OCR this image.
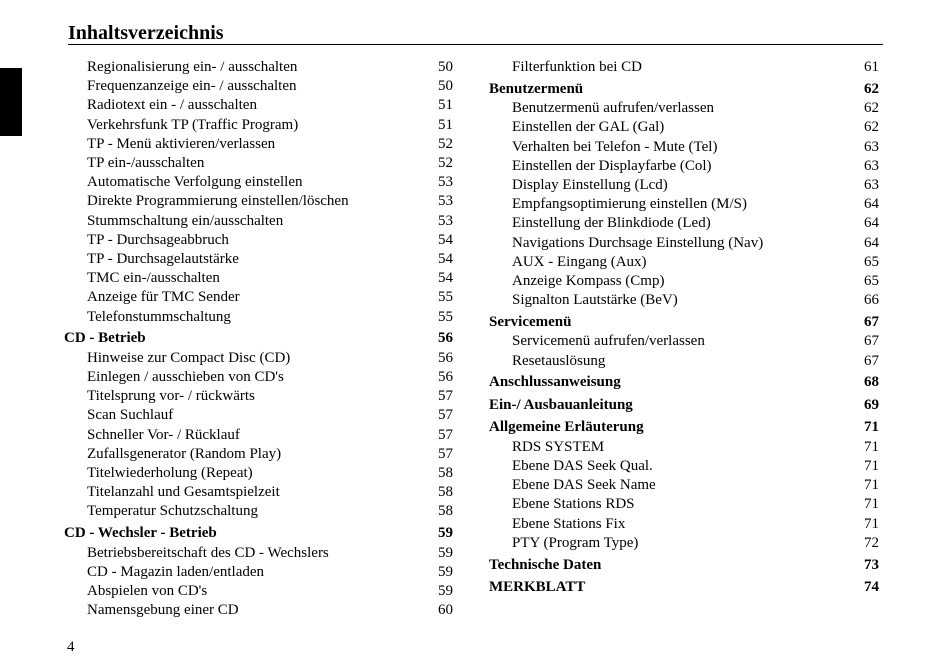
Inhaltsverzeichnis
Regionalisierung ein- / ausschalten	50
Frequenzanzeige ein- / ausschalten	50
Radiotext ein - / ausschalten	51
Verkehrsfunk TP (Traffic Program)	51
TP - Menü aktivieren/verlassen	52
TP ein-/ausschalten	52
Automatische Verfolgung einstellen	53
Direkte Programmierung einstellen/löschen	53
Stummschaltung ein/ausschalten	53
TP - Durchsageabbruch	54
TP - Durchsagelautstärke	54
TMC ein-/ausschalten	54
Anzeige für TMC Sender	55
Telefonstummschaltung	55
CD - Betrieb	56
Hinweise zur Compact Disc (CD)	56
Einlegen / ausschieben von CD's	56
Titelsprung vor- / rückwärts	57
Scan Suchlauf	57
Schneller Vor- / Rücklauf	57
Zufallsgenerator (Random Play)	57
Titelwiederholung (Repeat)	58
Titelanzahl und Gesamtspielzeit	58
Temperatur Schutzschaltung	58
CD - Wechsler - Betrieb	59
Betriebsbereitschaft des CD - Wechslers	59
CD - Magazin laden/entladen	59
Abspielen von CD's	59
Namensgebung einer CD	60
Filterfunktion bei CD	61
Benutzermenü	62
Benutzermenü aufrufen/verlassen	62
Einstellen der GAL (Gal)	62
Verhalten bei Telefon - Mute (Tel)	63
Einstellen der Displayfarbe (Col)	63
Display Einstellung (Lcd)	63
Empfangsoptimierung einstellen (M/S)	64
Einstellung der Blinkdiode (Led)	64
Navigations Durchsage Einstellung (Nav)	64
AUX - Eingang (Aux)	65
Anzeige Kompass (Cmp)	65
Signalton Lautstärke (BeV)	66
Servicemenü	67
Servicemenü aufrufen/verlassen	67
Resetauslösung	67
Anschlussanweisung	68
Ein-/ Ausbauanleitung	69
Allgemeine Erläuterung	71
RDS SYSTEM	71
Ebene DAS Seek Qual.	71
Ebene DAS Seek Name	71
Ebene Stations RDS	71
Ebene Stations Fix	71
PTY (Program Type)	72
Technische Daten	73
MERKBLATT	74
4
